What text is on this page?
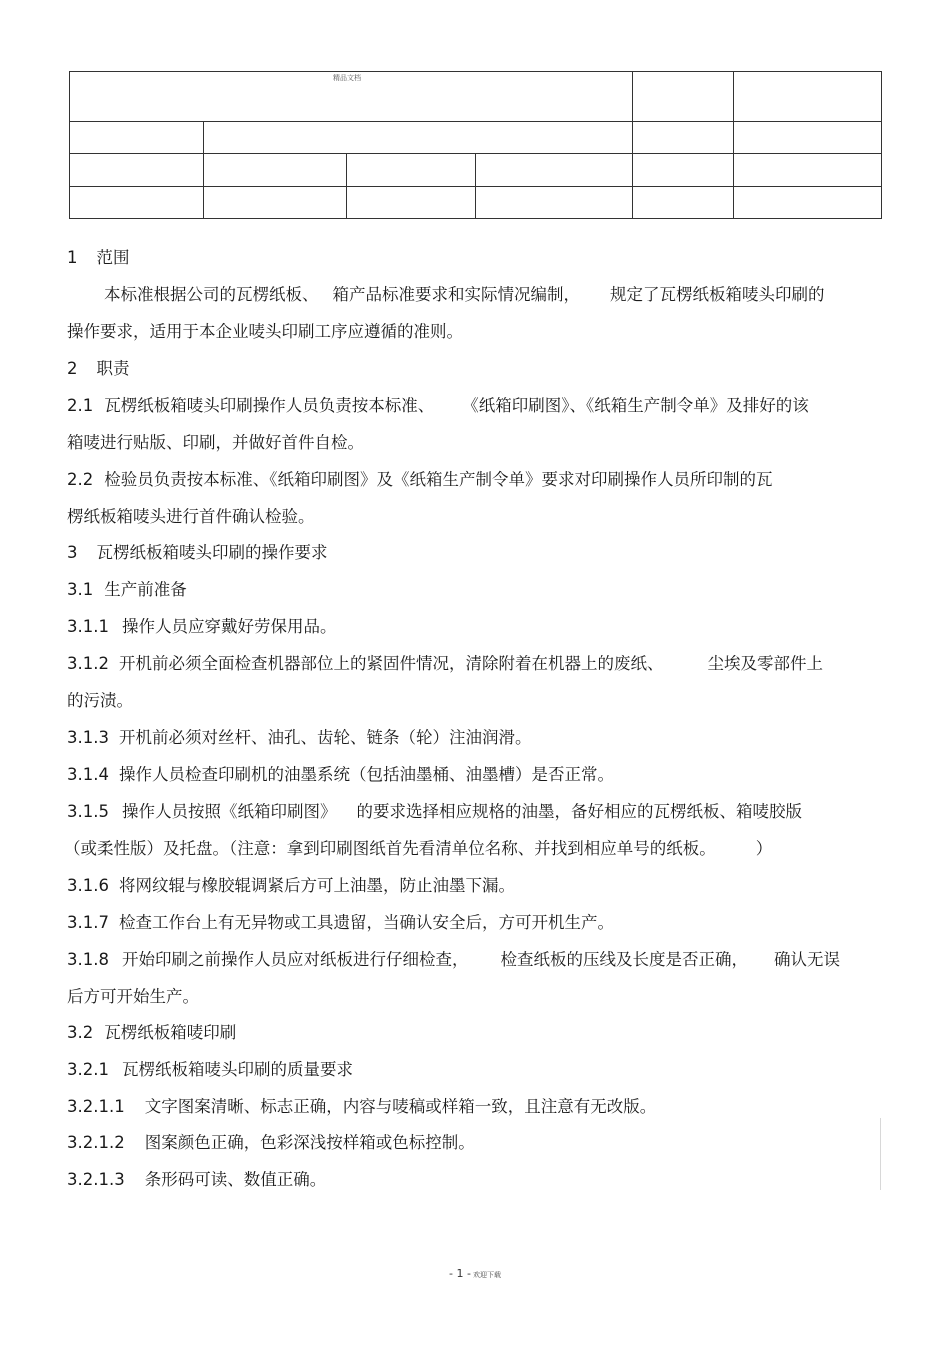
精品文档
1 范围
本标准根据公司的瓦楞纸板、 箱产品标准要求和实际情况编制， 规定了瓦楞纸板箱唛头印刷的
操作要求，适用于本企业唛头印刷工序应遵循的准则。
2 职责
2.1 瓦楞纸板箱唛头印刷操作人员负责按本标准、 《纸箱印刷图》、《纸箱生产制令单》及排好的该
箱唛进行贴版、印刷，并做好首件自检。
2.2 检验员负责按本标准、《纸箱印刷图》及《纸箱生产制令单》要求对印刷操作人员所印制的瓦
楞纸板箱唛头进行首件确认检验。
3 瓦楞纸板箱唛头印刷的操作要求
3.1 生产前准备
3.1.1 操作人员应穿戴好劳保用品。
3.1.2 开机前必须全面检查机器部位上的紧固件情况，清除附着在机器上的废纸、	尘埃及零部件上
的污渍。
3.1.3 开机前必须对丝杆、油孔、齿轮、链条（轮）注油润滑。
3.1.4 操作人员检查印刷机的油墨系统（包括油墨桶、油墨槽）是否正常。
3.1.5 操作人员按照《纸箱印刷图》 的要求选择相应规格的油墨，备好相应的瓦楞纸板、箱唛胶版
（或柔性版）及托盘。（注意：拿到印刷图纸首先看清单位名称、并找到相应单号的纸板。 ）
3.1.6 将网纹辊与橡胶辊调紧后方可上油墨，防止油墨下漏。
3.1.7 检查工作台上有无异物或工具遗留，当确认安全后，方可开机生产。
3.1.8 开始印刷之前操作人员应对纸板进行仔细检查， 检查纸板的压线及长度是否正确， 确认无误
后方可开始生产。
3.2 瓦楞纸板箱唛印刷
3.2.1 瓦楞纸板箱唛头印刷的质量要求
3.2.1.1 文字图案清晰、标志正确，内容与唛稿或样箱一致，且注意有无改版。
3.2.1.2 图案颜色正确，色彩深浅按样箱或色标控制。
3.2.1.3 条形码可读、数值正确。
- 1 - 欢迎下载
